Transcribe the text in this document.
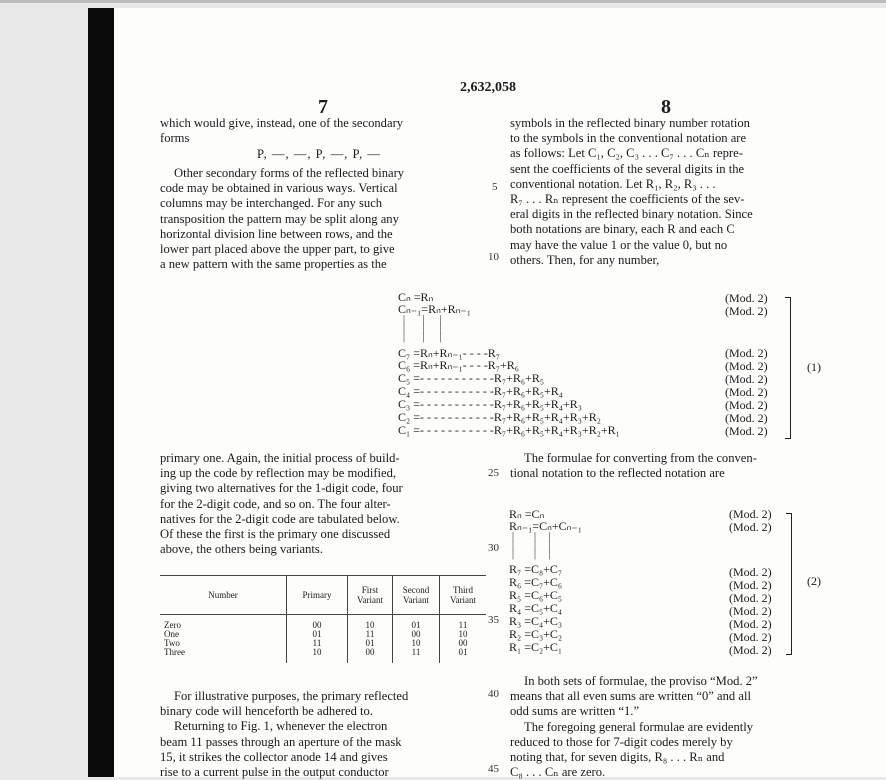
2,632,058
7	8
which would give, instead, one of the secondary
forms
P, —, —, P, —, P, —
Other secondary forms of the reflected binary
code may be obtained in various ways. Vertical
columns may be interchanged. For any such
transposition the pattern may be split along any
horizontal division line between rows, and the
lower part placed above the upper part, to give
a new pattern with the same properties as the
primary one. Again, the initial process of build-
ing up the code by reflection may be modified,
giving two alternatives for the 1-digit code, four
for the 2-digit code, and so on. The four alter-
natives for the 2-digit code are tabulated below.
Of these the first is the primary one discussed
above, the others being variants.
Number	Primary	First Variant	Second Variant	Third Variant
Zero	00	10	01	11
One	01	11	00	10
Two	11	01	10	00
Three	10	00	11	01
For illustrative purposes, the primary reflected
binary code will henceforth be adhered to.
Returning to Fig. 1, whenever the electron
beam 11 passes through an aperture of the mask
15, it strikes the collector anode 14 and gives
rise to a current pulse in the output conductor
symbols in the reflected binary number rotation
to the symbols in the conventional notation are
as follows: Let C₁, C₂, C₃ . . . C₇ . . . Cₙ repre-
sent the coefficients of the several digits in the
conventional notation. Let R₁, R₂, R₃ . . .
R₇ . . . Rₙ represent the coefficients of the sev-
eral digits in the reflected binary notation. Since
both notations are binary, each R and each C
may have the value 1 or the value 0, but no
others. Then, for any number,
The formulae for converting from the conven-
tional notation to the reflected notation are
In both sets of formulae, the proviso “Mod. 2”
means that all even sums are written “0” and all
odd sums are written “1.”
The foregoing general formulae are evidently
reduced to those for 7-digit codes merely by
noting that, for seven digits, R₈ . . . Rₙ and
C₈ . . . Cₙ are zero.
5
10
25
30
35
40
45
Cₙ =Rₙ
Cₙ₋₁=Rₙ+Rₙ₋₁
|       |      |
|       |      |
|       |      |
C₇ =Rₙ+Rₙ₋₁- - - -R₇
C₆ =Rₙ+Rₙ₋₁- - - -R₇+R₆
C₅ =- - - - - - - - - - -R₇+R₆+R₅
C₄ =- - - - - - - - - - -R₇+R₆+R₅+R₄
C₃ =- - - - - - - - - - -R₇+R₆+R₅+R₄+R₃
C₂ =- - - - - - - - - - -R₇+R₆+R₅+R₄+R₃+R₂
C₁ =- - - - - - - - - - -R₇+R₆+R₅+R₄+R₃+R₂+R₁
(Mod. 2)
(Mod. 2)
(Mod. 2)
(Mod. 2)
(Mod. 2)
(Mod. 2)
(Mod. 2)
(Mod. 2)
(Mod. 2)
(1)
Rₙ =Cₙ
Rₙ₋₁=Cₙ+Cₙ₋₁
|        |     |
|        |     |
|        |     |
R₇ =C₈+C₇
R₆ =C₇+C₆
R₅ =C₆+C₅
R₄ =C₅+C₄
R₃ =C₄+C₃
R₂ =C₃+C₂
R₁ =C₂+C₁
(Mod. 2)
(Mod. 2)
(Mod. 2)
(Mod. 2)
(Mod. 2)
(Mod. 2)
(Mod. 2)
(Mod. 2)
(Mod. 2)
(2)
